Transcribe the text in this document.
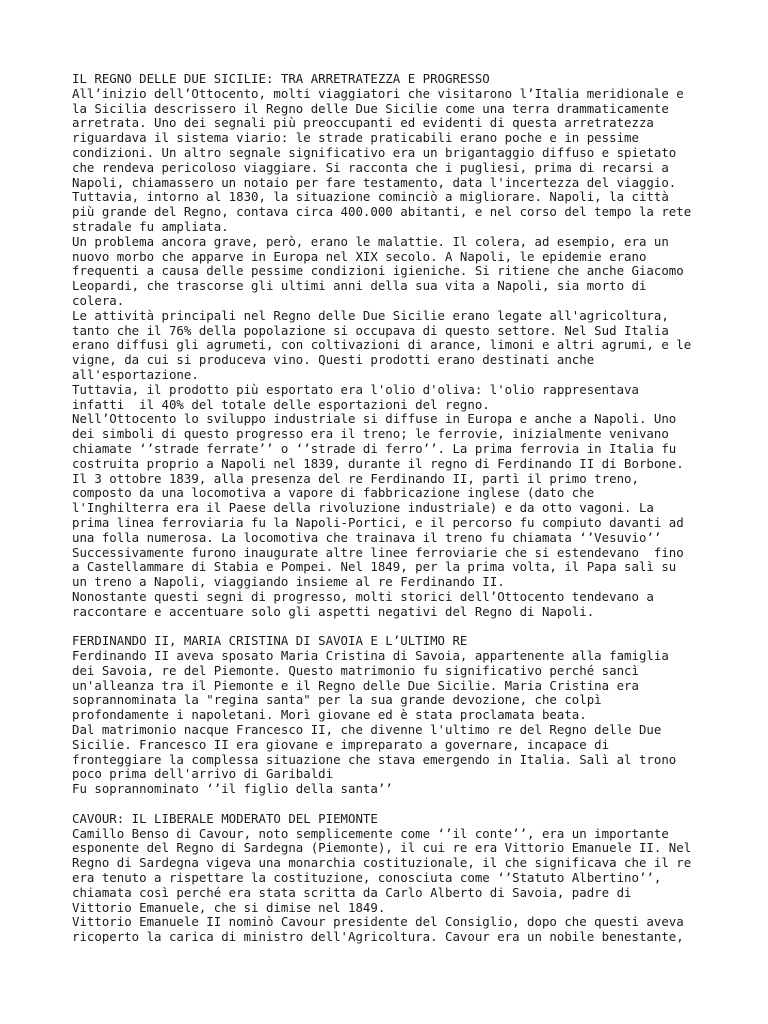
IL REGNO DELLE DUE SICILIE: TRA ARRETRATEZZA E PROGRESSO
All’inizio dell’Ottocento, molti viaggiatori che visitarono l’Italia meridionale e
la Sicilia descrissero il Regno delle Due Sicilie come una terra drammaticamente
arretrata. Uno dei segnali più preoccupanti ed evidenti di questa arretratezza
riguardava il sistema viario: le strade praticabili erano poche e in pessime
condizioni. Un altro segnale significativo era un brigantaggio diffuso e spietato
che rendeva pericoloso viaggiare. Si racconta che i pugliesi, prima di recarsi a
Napoli, chiamassero un notaio per fare testamento, data l'incertezza del viaggio.
Tuttavia, intorno al 1830, la situazione cominciò a migliorare. Napoli, la città
più grande del Regno, contava circa 400.000 abitanti, e nel corso del tempo la rete
stradale fu ampliata.
Un problema ancora grave, però, erano le malattie. Il colera, ad esempio, era un
nuovo morbo che apparve in Europa nel XIX secolo. A Napoli, le epidemie erano
frequenti a causa delle pessime condizioni igieniche. Si ritiene che anche Giacomo
Leopardi, che trascorse gli ultimi anni della sua vita a Napoli, sia morto di
colera.
Le attività principali nel Regno delle Due Sicilie erano legate all'agricoltura,
tanto che il 76% della popolazione si occupava di questo settore. Nel Sud Italia
erano diffusi gli agrumeti, con coltivazioni di arance, limoni e altri agrumi, e le
vigne, da cui si produceva vino. Questi prodotti erano destinati anche
all'esportazione.
Tuttavia, il prodotto più esportato era l'olio d'oliva: l'olio rappresentava
infatti  il 40% del totale delle esportazioni del regno.
Nell’Ottocento lo sviluppo industriale si diffuse in Europa e anche a Napoli. Uno
dei simboli di questo progresso era il treno; le ferrovie, inizialmente venivano
chiamate ‘’strade ferrate’’ o ‘’strade di ferro’’. La prima ferrovia in Italia fu
costruita proprio a Napoli nel 1839, durante il regno di Ferdinando II di Borbone.
Il 3 ottobre 1839, alla presenza del re Ferdinando II, partì il primo treno,
composto da una locomotiva a vapore di fabbricazione inglese (dato che
l'Inghilterra era il Paese della rivoluzione industriale) e da otto vagoni. La
prima linea ferroviaria fu la Napoli-Portici, e il percorso fu compiuto davanti ad
una folla numerosa. La locomotiva che trainava il treno fu chiamata ‘’Vesuvio’’
Successivamente furono inaugurate altre linee ferroviarie che si estendevano  fino
a Castellammare di Stabia e Pompei. Nel 1849, per la prima volta, il Papa salì su
un treno a Napoli, viaggiando insieme al re Ferdinando II.
Nonostante questi segni di progresso, molti storici dell’Ottocento tendevano a
raccontare e accentuare solo gli aspetti negativi del Regno di Napoli.
FERDINANDO II, MARIA CRISTINA DI SAVOIA E L’ULTIMO RE
Ferdinando II aveva sposato Maria Cristina di Savoia, appartenente alla famiglia
dei Savoia, re del Piemonte. Questo matrimonio fu significativo perché sancì
un'alleanza tra il Piemonte e il Regno delle Due Sicilie. Maria Cristina era
soprannominata la "regina santa" per la sua grande devozione, che colpì
profondamente i napoletani. Morì giovane ed è stata proclamata beata.
Dal matrimonio nacque Francesco II, che divenne l'ultimo re del Regno delle Due
Sicilie. Francesco II era giovane e impreparato a governare, incapace di
fronteggiare la complessa situazione che stava emergendo in Italia. Salì al trono
poco prima dell'arrivo di Garibaldi
Fu soprannominato ‘’il figlio della santa’’
CAVOUR: IL LIBERALE MODERATO DEL PIEMONTE
Camillo Benso di Cavour, noto semplicemente come ‘’il conte’’, era un importante
esponente del Regno di Sardegna (Piemonte), il cui re era Vittorio Emanuele II. Nel
Regno di Sardegna vigeva una monarchia costituzionale, il che significava che il re
era tenuto a rispettare la costituzione, conosciuta come ‘’Statuto Albertino’’,
chiamata così perché era stata scritta da Carlo Alberto di Savoia, padre di
Vittorio Emanuele, che si dimise nel 1849.
Vittorio Emanuele II nominò Cavour presidente del Consiglio, dopo che questi aveva
ricoperto la carica di ministro dell'Agricoltura. Cavour era un nobile benestante,
